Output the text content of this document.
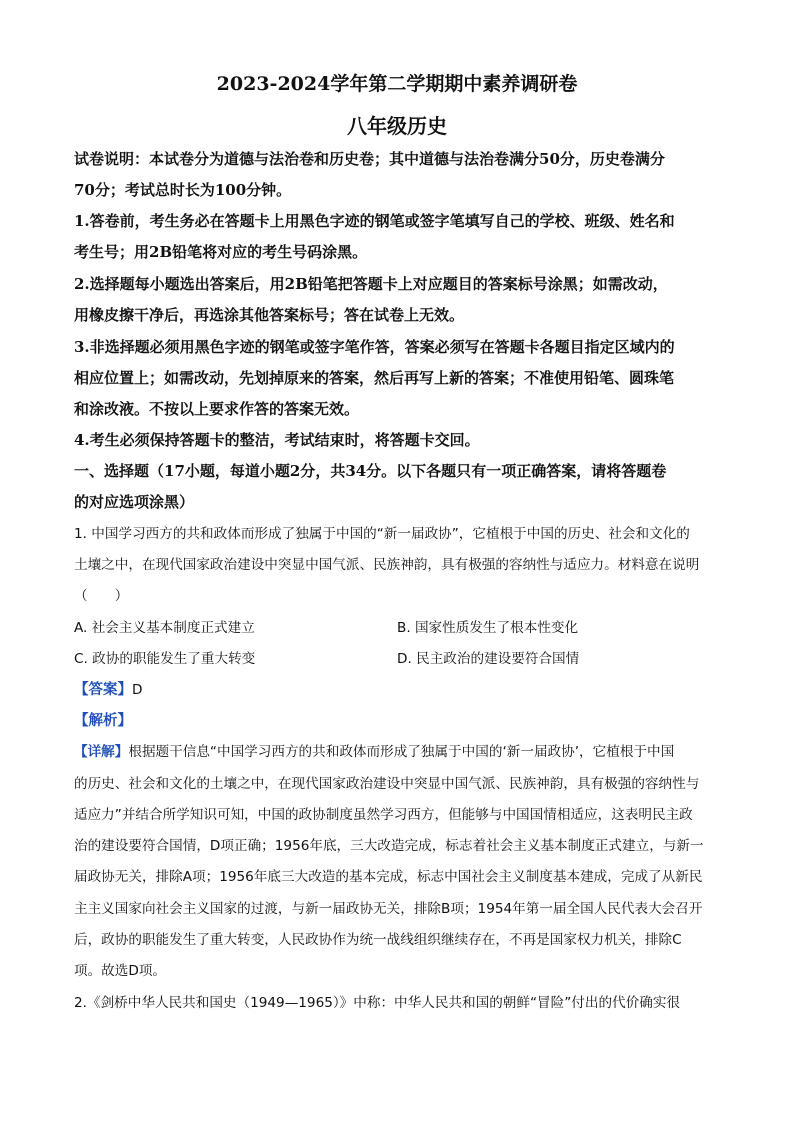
2023-2024学年第二学期期中素养调研卷
八年级历史
试卷说明：本试卷分为道德与法治卷和历史卷；其中道德与法治卷满分50分，历史卷满分
70分；考试总时长为100分钟。
1.答卷前，考生务必在答题卡上用黑色字迹的钢笔或签字笔填写自己的学校、班级、姓名和
考生号；用2B铅笔将对应的考生号码涂黑。
2.选择题每小题选出答案后，用2B铅笔把答题卡上对应题目的答案标号涂黑；如需改动，
用橡皮擦干净后，再选涂其他答案标号；答在试卷上无效。
3.非选择题必须用黑色字迹的钢笔或签字笔作答，答案必须写在答题卡各题目指定区域内的
相应位置上；如需改动，先划掉原来的答案，然后再写上新的答案；不准使用铅笔、圆珠笔
和涂改液。不按以上要求作答的答案无效。
4.考生必须保持答题卡的整洁，考试结束时，将答题卡交回。
一、选择题（17小题，每道小题2分，共34分。以下各题只有一项正确答案，请将答题卷
的对应选项涂黑）
1. 中国学习西方的共和政体而形成了独属于中国的“新一届政协”，它植根于中国的历史、社会和文化的
土壤之中，在现代国家政治建设中突显中国气派、民族神韵，具有极强的容纳性与适应力。材料意在说明
（　　）
A. 社会主义基本制度正式建立	B. 国家性质发生了根本性变化
C. 政协的职能发生了重大转变	D. 民主政治的建设要符合国情
【答案】D
【解析】
【详解】根据题干信息“中国学习西方的共和政体而形成了独属于中国的‘新一届政协’，它植根于中国
的历史、社会和文化的土壤之中，在现代国家政治建设中突显中国气派、民族神韵，具有极强的容纳性与
适应力”并结合所学知识可知，中国的政协制度虽然学习西方，但能够与中国国情相适应，这表明民主政
治的建设要符合国情，D项正确；1956年底，三大改造完成，标志着社会主义基本制度正式建立，与新一
届政协无关，排除A项；1956年底三大改造的基本完成，标志中国社会主义制度基本建成，完成了从新民
主主义国家向社会主义国家的过渡，与新一届政协无关，排除B项；1954年第一届全国人民代表大会召开
后，政协的职能发生了重大转变，人民政协作为统一战线组织继续存在，不再是国家权力机关，排除C
项。故选D项。
2.《剑桥中华人民共和国史（1949—1965）》中称：中华人民共和国的朝鲜“冒险”付出的代价确实很
